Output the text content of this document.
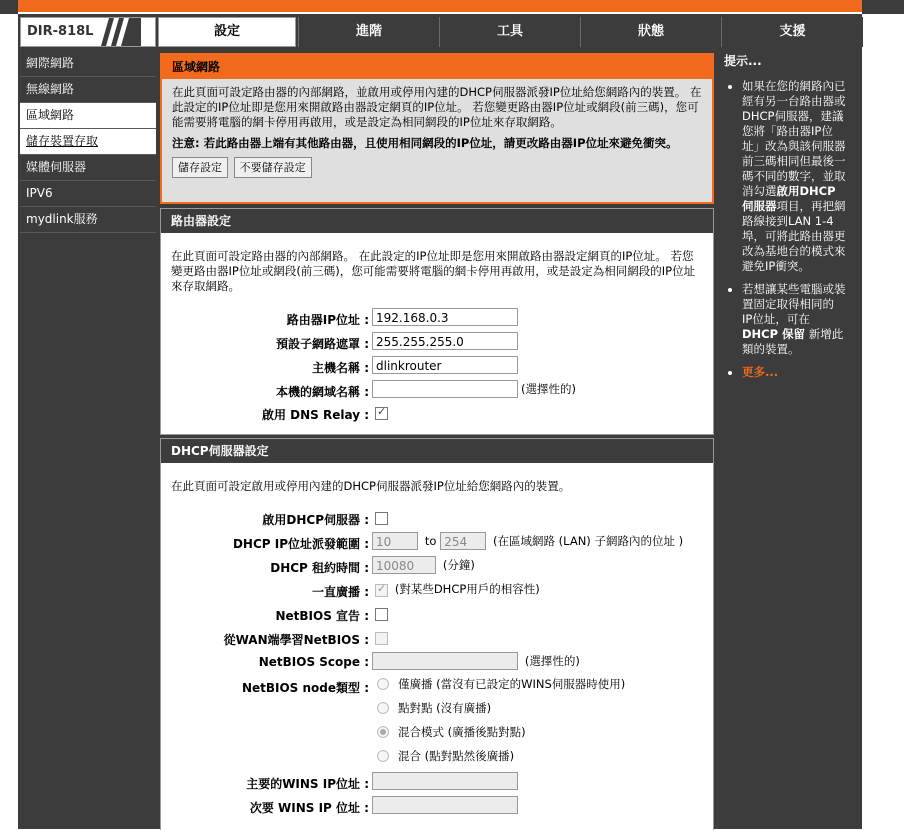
DIR-818L	設定	進階	工具	狀態	支援
網際網路
無線網路
區域網路
儲存裝置存取
媒體伺服器
IPV6
mydlink服務
區域網路
在此頁面可設定路由器的內部網路，並啟用或停用內建的DHCP伺服器派發IP位址給您網路內的裝置。 在此設定的IP位址即是您用來開啟路由器設定網頁的IP位址。 若您變更路由器IP位址或網段(前三碼)，您可能需要將電腦的網卡停用再啟用，或是設定為相同網段的IP位址來存取網路。
注意: 若此路由器上端有其他路由器，且使用相同網段的IP位址，請更改路由器IP位址來避免衝突。
儲存設定 不要儲存設定
路由器設定
在此頁面可設定路由器的內部網路。 在此設定的IP位址即是您用來開啟路由器設定網頁的IP位址。 若您變更路由器IP位址或網段(前三碼)，您可能需要將電腦的網卡停用再啟用，或是設定為相同網段的IP位址來存取網路。
路由器IP位址 : 192.168.0.3
預設子網路遮罩 : 255.255.255.0
主機名稱 : dlinkrouter
本機的網域名稱 :	(選擇性的)
啟用 DNS Relay : ✓
DHCP伺服器設定
在此頁面可設定啟用或停用內建的DHCP伺服器派發IP位址給您網路內的裝置。
啟用DHCP伺服器 :
DHCP IP位址派發範圍 : 10	to 254 (在區域網路 (LAN) 子網路內的位址 )
DHCP 租約時間 : 10080 (分鐘)
一直廣播 : ✓ (對某些DHCP用戶的相容性)
NetBIOS 宣告 :
從WAN端學習NetBIOS :
NetBIOS Scope :	(選擇性的)
NetBIOS node類型 :	僅廣播 (當沒有已設定的WINS伺服器時使用)
點對點 (沒有廣播)
混合模式 (廣播後點對點)
混合 (點對點然後廣播)
主要的WINS IP位址 :
次要 WINS IP 位址 :
提示...
• 如果在您的網路內已經有另一台路由器或DHCP伺服器，建議您將「路由器IP位址」改為與該伺服器前三碼相同但最後一碼不同的數字，並取消勾選啟用DHCP伺服器項目，再把網路線接到LAN 1-4埠，可將此路由器更改為基地台的模式來避免IP衝突。
• 若想讓某些電腦或裝置固定取得相同的 IP位址，可在 DHCP 保留 新增此類的裝置。
• 更多...
